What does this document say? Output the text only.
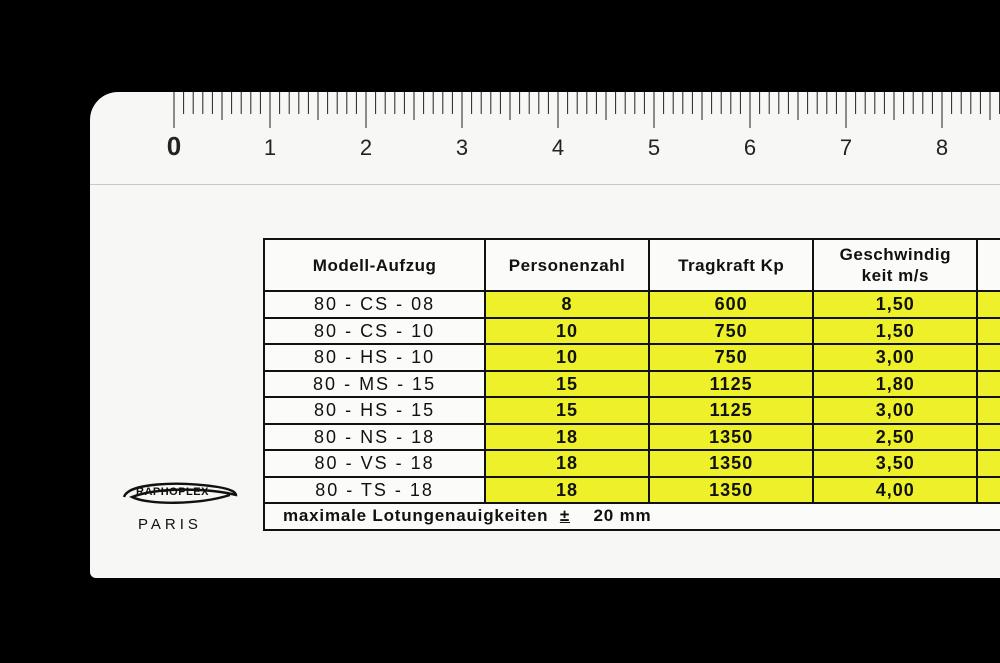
0	1	2	3	4	5	6	7	8
RAPHOPLEX
PARIS
Modell-Aufzug	Personenzahl	Tragkraft Kp	Geschwindig
keit m/s	
80 - CS - 08	8	600	1,50	
80 - CS - 10	10	750	1,50	
80 - HS - 10	10	750	3,00	
80 - MS - 15	15	1125	1,80	
80 - HS - 15	15	1125	3,00	
80 - NS - 18	18	1350	2,50	
80 - VS - 18	18	1350	3,50	
80 - TS - 18	18	1350	4,00	
maximale Lotungenauigkeiten ± 20 mm				
